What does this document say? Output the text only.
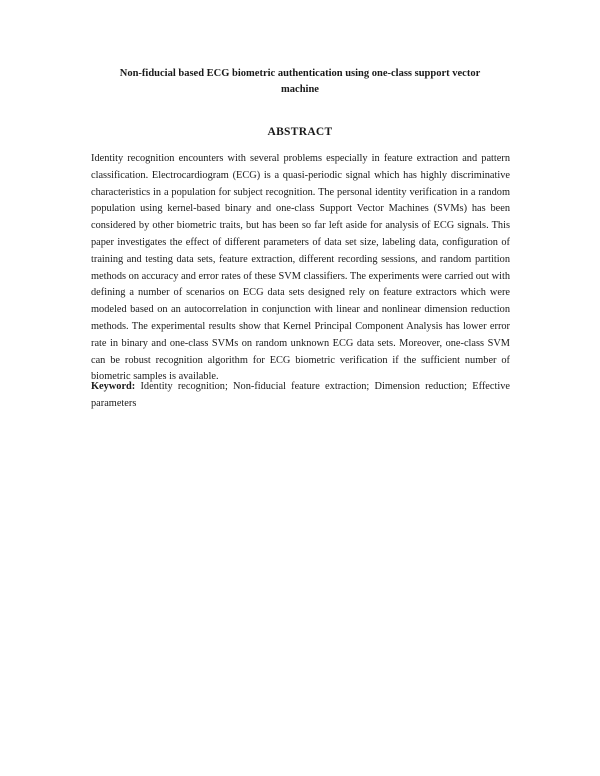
Non-fiducial based ECG biometric authentication using one-class support vector machine
ABSTRACT

Identity recognition encounters with several problems especially in feature extraction and pattern classification. Electrocardiogram (ECG) is a quasi-periodic signal which has highly discriminative characteristics in a population for subject recognition. The personal identity verification in a random population using kernel-based binary and one-class Support Vector Machines (SVMs) has been considered by other biometric traits, but has been so far left aside for analysis of ECG signals. This paper investigates the effect of different parameters of data set size, labeling data, configuration of training and testing data sets, feature extraction, different recording sessions, and random partition methods on accuracy and error rates of these SVM classifiers. The experiments were carried out with defining a number of scenarios on ECG data sets designed rely on feature extractors which were modeled based on an autocorrelation in conjunction with linear and nonlinear dimension reduction methods. The experimental results show that Kernel Principal Component Analysis has lower error rate in binary and one-class SVMs on random unknown ECG data sets. Moreover, one-class SVM can be robust recognition algorithm for ECG biometric verification if the sufficient number of biometric samples is available.

Keyword: Identity recognition; Non-fiducial feature extraction; Dimension reduction; Effective parameters
